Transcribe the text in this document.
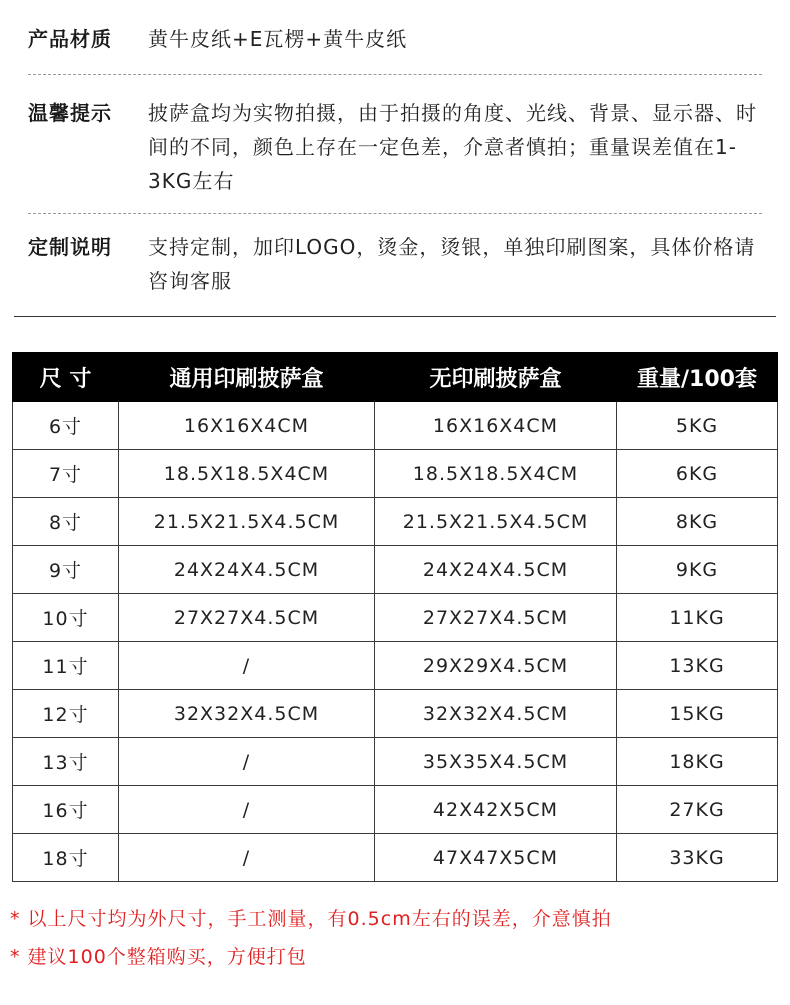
产品材质	黄牛皮纸+E瓦楞+黄牛皮纸
温馨提示	披萨盒均为实物拍摄，由于拍摄的角度、光线、背景、显示器、时间的不同，颜色上存在一定色差，介意者慎拍；重量误差值在1-3KG左右
定制说明	支持定制，加印LOGO，烫金，烫银，单独印刷图案，具体价格请咨询客服
尺 寸	通用印刷披萨盒	无印刷披萨盒	重量/100套
6寸	16X16X4CM	16X16X4CM	5KG
7寸	18.5X18.5X4CM	18.5X18.5X4CM	6KG
8寸	21.5X21.5X4.5CM	21.5X21.5X4.5CM	8KG
9寸	24X24X4.5CM	24X24X4.5CM	9KG
10寸	27X27X4.5CM	27X27X4.5CM	11KG
11寸	/	29X29X4.5CM	13KG
12寸	32X32X4.5CM	32X32X4.5CM	15KG
13寸	/	35X35X4.5CM	18KG
16寸	/	42X42X5CM	27KG
18寸	/	47X47X5CM	33KG
* 以上尺寸均为外尺寸，手工测量，有0.5cm左右的误差，介意慎拍
* 建议100个整箱购买，方便打包
